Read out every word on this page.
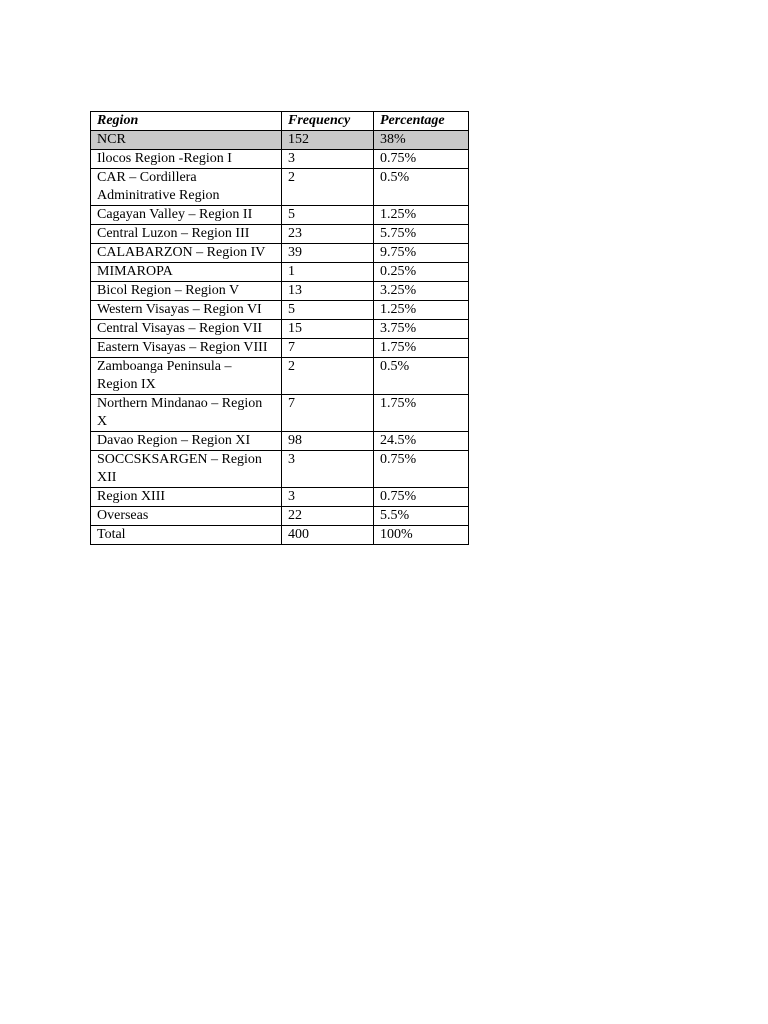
Region	Frequency	Percentage
NCR	152	38%
Ilocos Region -Region I	3	0.75%
CAR – Cordillera Adminitrative Region	2	0.5%
Cagayan Valley – Region II	5	1.25%
Central Luzon – Region III	23	5.75%
CALABARZON – Region IV	39	9.75%
MIMAROPA	1	0.25%
Bicol Region – Region V	13	3.25%
Western Visayas – Region VI	5	1.25%
Central Visayas – Region VII	15	3.75%
Eastern Visayas – Region VIII	7	1.75%
Zamboanga Peninsula – Region IX	2	0.5%
Northern Mindanao – Region X	7	1.75%
Davao Region – Region XI	98	24.5%
SOCCSKSARGEN – Region XII	3	0.75%
Region XIII	3	0.75%
Overseas	22	5.5%
Total	400	100%
